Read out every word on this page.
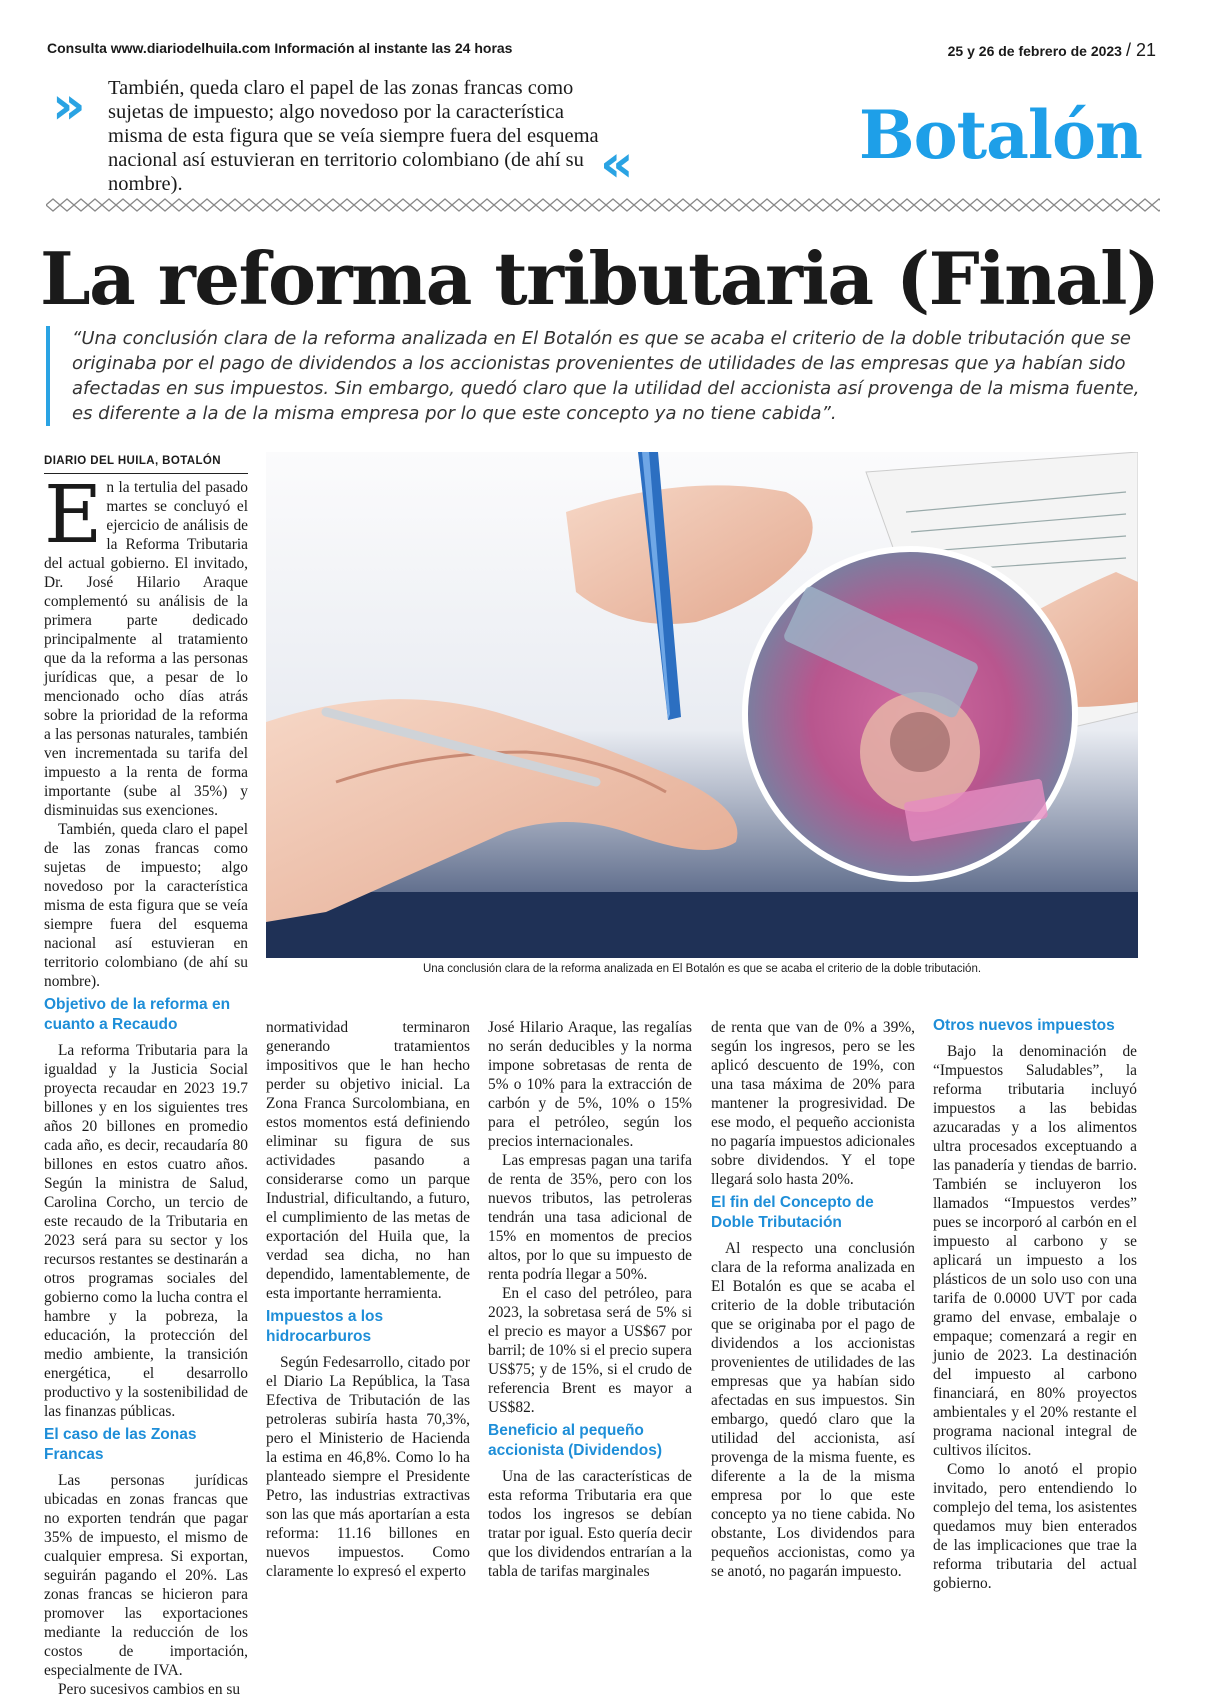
Consulta www.diariodelhuila.com Información al instante las 24 horas	25 y 26 de febrero de 2023 / 21
» También, queda claro el papel de las zonas francas como sujetas de impuesto; algo novedoso por la característica misma de esta figura que se veía siempre fuera del esquema nacional así estuvieran en territorio colombiano (de ahí su nombre).	«	Botalón
La reforma tributaria (Final)
“Una conclusión clara de la reforma analizada en El Botalón es que se acaba el criterio de la doble tributación que se originaba por el pago de dividendos a los accionistas provenientes de utilidades de las empresas que ya habían sido afectadas en sus impuestos. Sin embargo, quedó claro que la utilidad del accionista así provenga de la misma fuente, es diferente a la de la misma empresa por lo que este concepto ya no tiene cabida”.
Una conclusión clara de la reforma analizada en El Botalón es que se acaba el criterio de la doble tributación.
DIARIO DEL HUILA, BOTALÓN

En la tertulia del pasado martes se concluyó el ejercicio de análisis de la Reforma Tributaria del actual gobierno. El invitado, Dr. José Hilario Araque complementó su análisis de la primera parte dedicado principalmente al tratamiento que da la reforma a las personas jurídicas que, a pesar de lo mencionado ocho días atrás sobre la prioridad de la reforma a las personas naturales, también ven incrementada su tarifa del impuesto a la renta de forma importante (sube al 35%) y disminuidas sus exenciones.

También, queda claro el papel de las zonas francas como sujetas de impuesto; algo novedoso por la característica misma de esta figura que se veía siempre fuera del esquema nacional así estuvieran en territorio colombiano (de ahí su nombre).

Objetivo de la reforma en cuanto a Recaudo

La reforma Tributaria para la igualdad y la Justicia Social proyecta recaudar en 2023 19.7 billones y en los siguientes tres años 20 billones en promedio cada año, es decir, recaudaría 80 billones en estos cuatro años. Según la ministra de Salud, Carolina Corcho, un tercio de este recaudo de la Tributaria en 2023 será para su sector y los recursos restantes se destinarán a otros programas sociales del gobierno como la lucha contra el hambre y la pobreza, la educación, la protección del medio ambiente, la transición energética, el desarrollo productivo y la sostenibilidad de las finanzas públicas.

El caso de las Zonas Francas

Las personas jurídicas ubicadas en zonas francas que no exporten tendrán que pagar 35% de impuesto, el mismo de cualquier empresa. Si exportan, seguirán pagando el 20%. Las zonas francas se hicieron para promover las exportaciones mediante la reducción de los costos de importación, especialmente de IVA.

Pero sucesivos cambios en su

normatividad terminaron generando tratamientos impositivos que le han hecho perder su objetivo inicial. La Zona Franca Surcolombiana, en estos momentos está definiendo eliminar su figura de sus actividades pasando a considerarse como un parque Industrial, dificultando, a futuro, el cumplimiento de las metas de exportación del Huila que, la verdad sea dicha, no han dependido, lamentablemente, de esta importante herramienta.

Impuestos a los hidrocarburos

Según Fedesarrollo, citado por el Diario La República, la Tasa Efectiva de Tributación de las petroleras subiría hasta 70,3%, pero el Ministerio de Hacienda la estima en 46,8%. Como lo ha planteado siempre el Presidente Petro, las industrias extractivas son las que más aportarían a esta reforma: 11.16 billones en nuevos impuestos. Como claramente lo expresó el experto

José Hilario Araque, las regalías no serán deducibles y la norma impone sobretasas de renta de 5% o 10% para la extracción de carbón y de 5%, 10% o 15% para el petróleo, según los precios internacionales.

Las empresas pagan una tarifa de renta de 35%, pero con los nuevos tributos, las petroleras tendrán una tasa adicional de 15% en momentos de precios altos, por lo que su impuesto de renta podría llegar a 50%.

En el caso del petróleo, para 2023, la sobretasa será de 5% si el precio es mayor a US$67 por barril; de 10% si el precio supera US$75; y de 15%, si el crudo de referencia Brent es mayor a US$82.

Beneficio al pequeño accionista (Dividendos)

Una de las características de esta reforma Tributaria era que todos los ingresos se debían tratar por igual. Esto quería decir que los dividendos entrarían a la tabla de tarifas marginales

de renta que van de 0% a 39%, según los ingresos, pero se les aplicó descuento de 19%, con una tasa máxima de 20% para mantener la progresividad. De ese modo, el pequeño accionista no pagaría impuestos adicionales sobre dividendos. Y el tope llegará solo hasta 20%.

El fin del Concepto de Doble Tributación

Al respecto una conclusión clara de la reforma analizada en El Botalón es que se acaba el criterio de la doble tributación que se originaba por el pago de dividendos a los accionistas provenientes de utilidades de las empresas que ya habían sido afectadas en sus impuestos. Sin embargo, quedó claro que la utilidad del accionista, así provenga de la misma fuente, es diferente a la de la misma empresa por lo que este concepto ya no tiene cabida. No obstante, Los dividendos para pequeños accionistas, como ya se anotó, no pagarán impuesto.

Otros nuevos impuestos

Bajo la denominación de “Impuestos Saludables”, la reforma tributaria incluyó impuestos a las bebidas azucaradas y a los alimentos ultra procesados exceptuando a las panadería y tiendas de barrio. También se incluyeron los llamados “Impuestos verdes” pues se incorporó al carbón en el impuesto al carbono y se aplicará un impuesto a los plásticos de un solo uso con una tarifa de 0.0000 UVT por cada gramo del envase, embalaje o empaque; comenzará a regir en junio de 2023. La destinación del impuesto al carbono financiará, en 80% proyectos ambientales y el 20% restante el programa nacional integral de cultivos ilícitos.

Como lo anotó el propio invitado, pero entendiendo lo complejo del tema, los asistentes quedamos muy bien enterados de las implicaciones que trae la reforma tributaria del actual gobierno.
